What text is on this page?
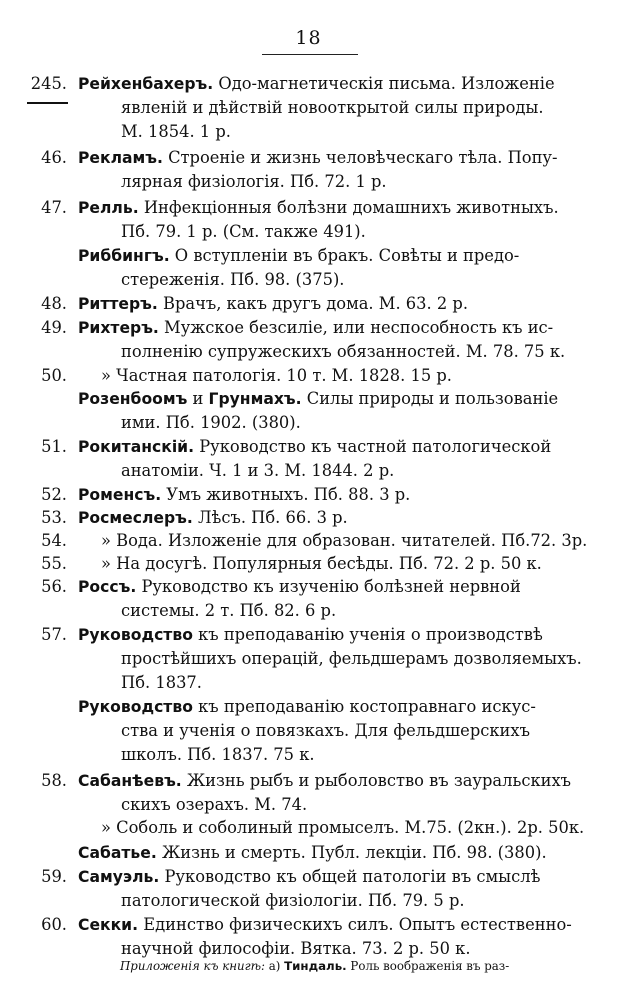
18
245. Рейхенбахеръ. Одо-магнетическія письма. Изложеніе
явленій и дѣйствій новооткрытой силы природы.
М. 1854. 1 р.
46. Рекламъ. Строеніе и жизнь человѣческаго тѣла. Попу-
лярная физіологія. Пб. 72. 1 р.
47. Релль. Инфекціонныя болѣзни домашнихъ животныхъ.
Пб. 79. 1 р. (См. также 491).
Риббингъ. О вступленіи въ бракъ. Совѣты и предо-
стереженія. Пб. 98. (375).
48. Риттеръ. Врачъ, какъ другъ дома. М. 63. 2 р.
49. Рихтеръ. Мужское безсиліе, или неспособность къ ис-
полненію супружескихъ обязанностей. М. 78. 75 к.
50. » Частная патологія. 10 т. М. 1828. 15 р.
Розенбоомъ и Грунмахъ. Силы природы и пользованіе
ими. Пб. 1902. (380).
51. Рокитанскій. Руководство къ частной патологической
анатоміи. Ч. 1 и 3. М. 1844. 2 р.
52. Роменсъ. Умъ животныхъ. Пб. 88. 3 р.
53. Росмеслеръ. Лѣсъ. Пб. 66. 3 р.
54. » Вода. Изложеніе для образован. читателей. Пб.72. 3р.
55. » На досугѣ. Популярныя бесѣды. Пб. 72. 2 р. 50 к.
56. Россъ. Руководство къ изученію болѣзней нервной
системы. 2 т. Пб. 82. 6 р.
57. Руководство къ преподаванію ученія о производствѣ
простѣйшихъ операцій, фельдшерамъ дозволяемыхъ.
Пб. 1837.
Руководство къ преподаванію костоправнаго искус-
ства и ученія о повязкахъ. Для фельдшерскихъ
школъ. Пб. 1837. 75 к.
58. Сабанѣевъ. Жизнь рыбъ и рыболовство въ зауральскихъ
скихъ озерахъ. М. 74.
» Соболь и соболиный промыселъ. М.75. (2кн.). 2р. 50к.
Сабатье. Жизнь и смерть. Публ. лекціи. Пб. 98. (380).
59. Самуэль. Руководство къ общей патологіи въ смыслѣ
патологической физіологіи. Пб. 79. 5 р.
60. Секки. Единство физическихъ силъ. Опытъ естественно-
научной философіи. Вятка. 73. 2 р. 50 к.
Приложенія къ книгѣ: а) Тиндаль. Роль воображенія въ раз-
